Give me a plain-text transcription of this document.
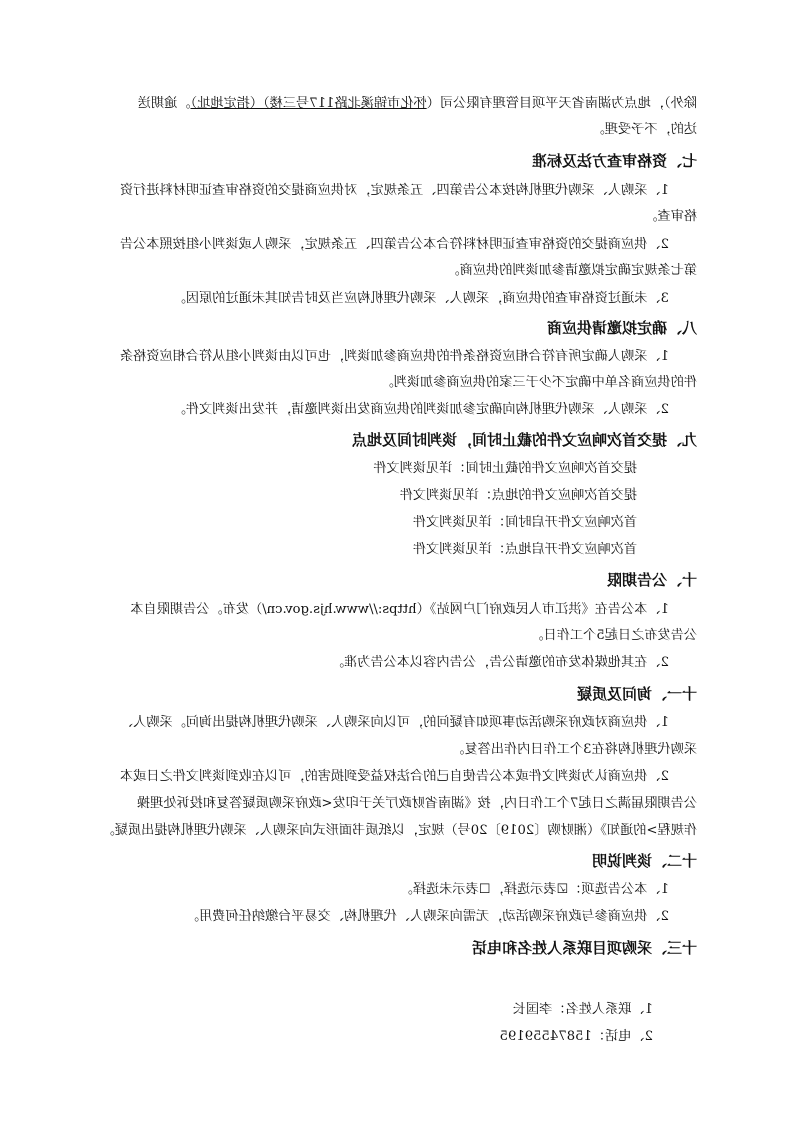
除外），地点为湖南省天平项目管理有限公司（怀化市锦溪北路117号三楼）（指定地址）。逾期送
达的，不予受理。
七、资格审查方法及标准
1、采购人、采购代理机构按本公告第四、五条规定，对供应商提交的资格审查证明材料进行资
格审查。
2、供应商提交的资格审查证明材料符合本公告第四、五条规定，采购人或谈判小组按照本公告
第七条规定确定拟邀请参加谈判的供应商。
3、未通过资格审查的供应商，采购人、采购代理机构应当及时告知其未通过的原因。
八、确定拟邀请供应商
1、采购人确定所有符合相应资格条件的供应商参加谈判，也可以由谈判小组从符合相应资格条
件的供应商名单中确定不少于三家的供应商参加谈判。
2、采购人、采购代理机构向确定参加谈判的供应商发出谈判邀请，并发出谈判文件。
九、提交首次响应文件的截止时间，谈判时间及地点
提交首次响应文件的截止时间：详见谈判文件
提交首次响应文件的地点：详见谈判文件
首次响应文件开启时间：详见谈判文件
首次响应文件开启地点：详见谈判文件
十、公告期限
1、本公告在《洪江市人民政府门户网站》（https://www.hjs.gov.cn/）发布。公告期限自本
公告发布之日起5个工作日。
2、在其他媒体发布的邀请公告，公告内容以本公告为准。
十一、询问及质疑
1、供应商对政府采购活动事项如有疑问的，可以向采购人、采购代理机构提出询问。采购人、
采购代理机构将在3个工作日内作出答复。
2、供应商认为谈判文件或本公告使自己的合法权益受到损害的，可以在收到谈判文件之日或本
公告期限届满之日起7个工作日内，按《湖南省财政厅关于印发<政府采购质疑答复和投诉处理操
作规程>的通知》（湘财购〔2019〕20号）规定，以纸质书面形式向采购人、采购代理机构提出质疑。
十二、谈判说明
1、本公告选项：☑表示选择，☐表示未选择。
2、供应商参与政府采购活动，无需向采购人、代理机构、交易平台缴纳任何费用。
十三、采购项目联系人姓名和电话
1、联系人姓名：李国长
2、电话：15874559195
